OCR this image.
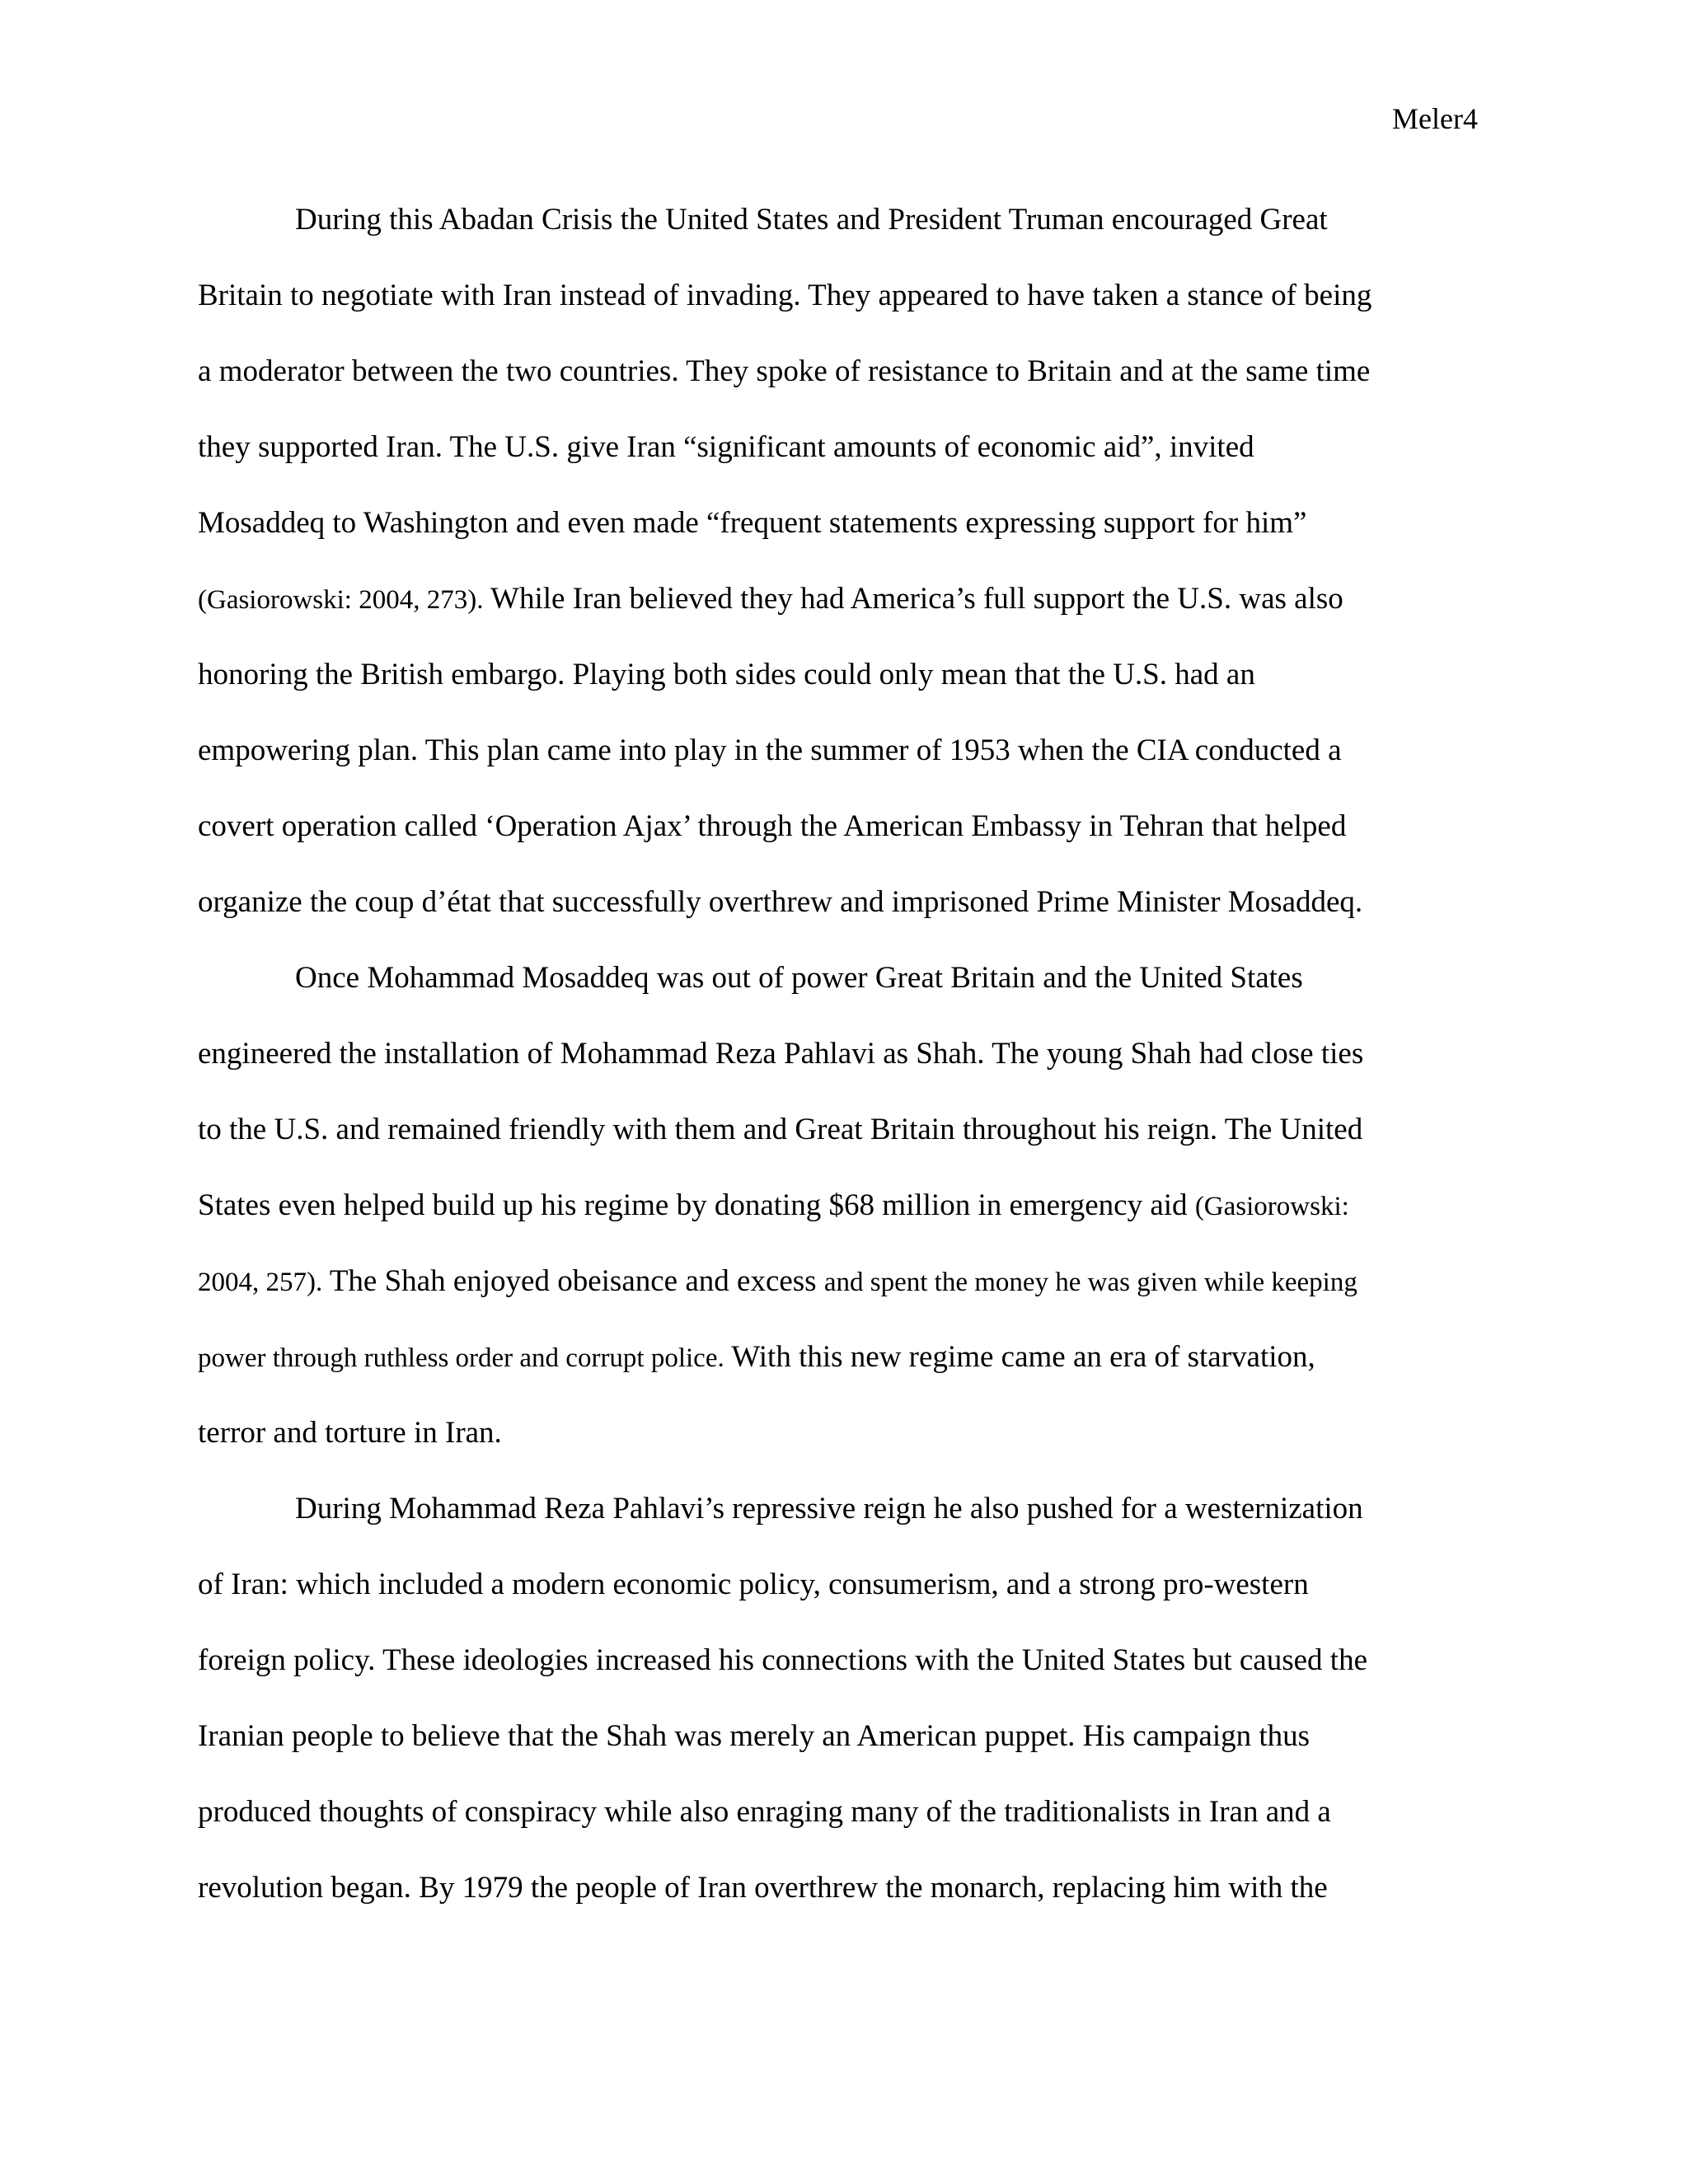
Meler4
During this Abadan Crisis the United States and President Truman encouraged Great
Britain to negotiate with Iran instead of invading. They appeared to have taken a stance of being
a moderator between the two countries. They spoke of resistance to Britain and at the same time
they supported Iran. The U.S. give Iran “significant amounts of economic aid”, invited
Mosaddeq to Washington and even made “frequent statements expressing support for him”
(Gasiorowski: 2004, 273). While Iran believed they had America’s full support the U.S. was also
honoring the British embargo. Playing both sides could only mean that the U.S. had an
empowering plan. This plan came into play in the summer of 1953 when the CIA conducted a
covert operation called ‘Operation Ajax’ through the American Embassy in Tehran that helped
organize the coup d’état that successfully overthrew and imprisoned Prime Minister Mosaddeq.
Once Mohammad Mosaddeq was out of power Great Britain and the United States
engineered the installation of Mohammad Reza Pahlavi as Shah. The young Shah had close ties
to the U.S. and remained friendly with them and Great Britain throughout his reign. The United
States even helped build up his regime by donating $68 million in emergency aid (Gasiorowski:
2004, 257). The Shah enjoyed obeisance and excess and spent the money he was given while keeping
power through ruthless order and corrupt police. With this new regime came an era of starvation,
terror and torture in Iran.
During Mohammad Reza Pahlavi’s repressive reign he also pushed for a westernization
of Iran: which included a modern economic policy, consumerism, and a strong pro-western
foreign policy. These ideologies increased his connections with the United States but caused the
Iranian people to believe that the Shah was merely an American puppet. His campaign thus
produced thoughts of conspiracy while also enraging many of the traditionalists in Iran and a
revolution began. By 1979 the people of Iran overthrew the monarch, replacing him with the
